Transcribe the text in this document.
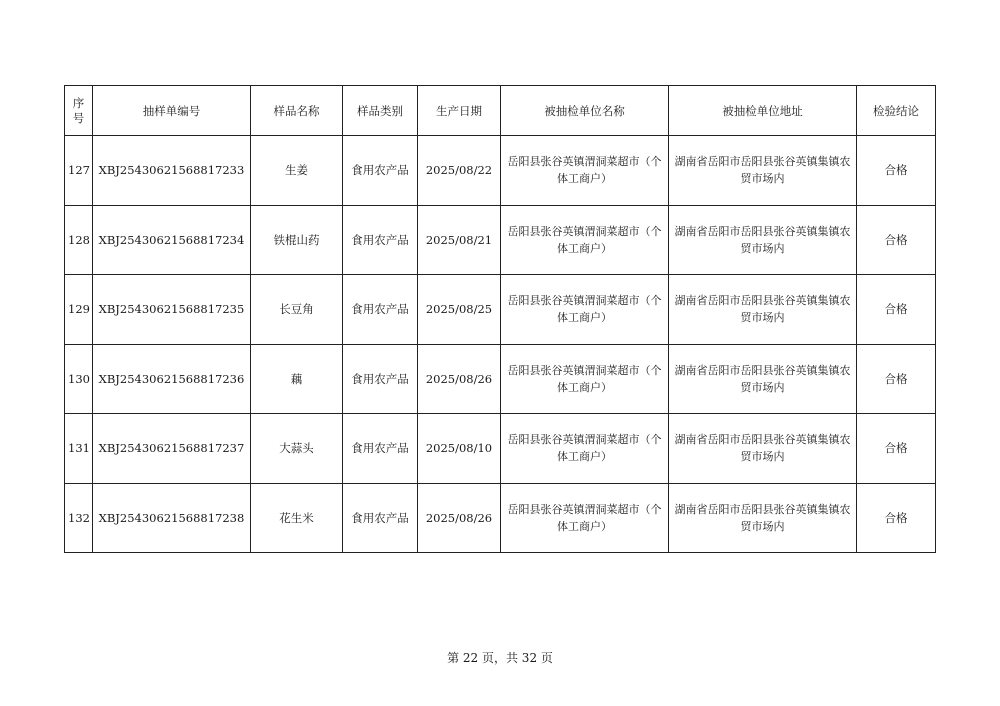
序
号	抽样单编号	样品名称	样品类别	生产日期	被抽检单位名称	被抽检单位地址	检验结论
127	XBJ25430621568817233	生姜	食用农产品	2025/08/22	岳阳县张谷英镇渭洞菜超市（个体工商户）	湖南省岳阳市岳阳县张谷英镇集镇农贸市场内	合格
128	XBJ25430621568817234	铁棍山药	食用农产品	2025/08/21	岳阳县张谷英镇渭洞菜超市（个体工商户）	湖南省岳阳市岳阳县张谷英镇集镇农贸市场内	合格
129	XBJ25430621568817235	长豆角	食用农产品	2025/08/25	岳阳县张谷英镇渭洞菜超市（个体工商户）	湖南省岳阳市岳阳县张谷英镇集镇农贸市场内	合格
130	XBJ25430621568817236	藕	食用农产品	2025/08/26	岳阳县张谷英镇渭洞菜超市（个体工商户）	湖南省岳阳市岳阳县张谷英镇集镇农贸市场内	合格
131	XBJ25430621568817237	大蒜头	食用农产品	2025/08/10	岳阳县张谷英镇渭洞菜超市（个体工商户）	湖南省岳阳市岳阳县张谷英镇集镇农贸市场内	合格
132	XBJ25430621568817238	花生米	食用农产品	2025/08/26	岳阳县张谷英镇渭洞菜超市（个体工商户）	湖南省岳阳市岳阳县张谷英镇集镇农贸市场内	合格
第 22 页，共 32 页
